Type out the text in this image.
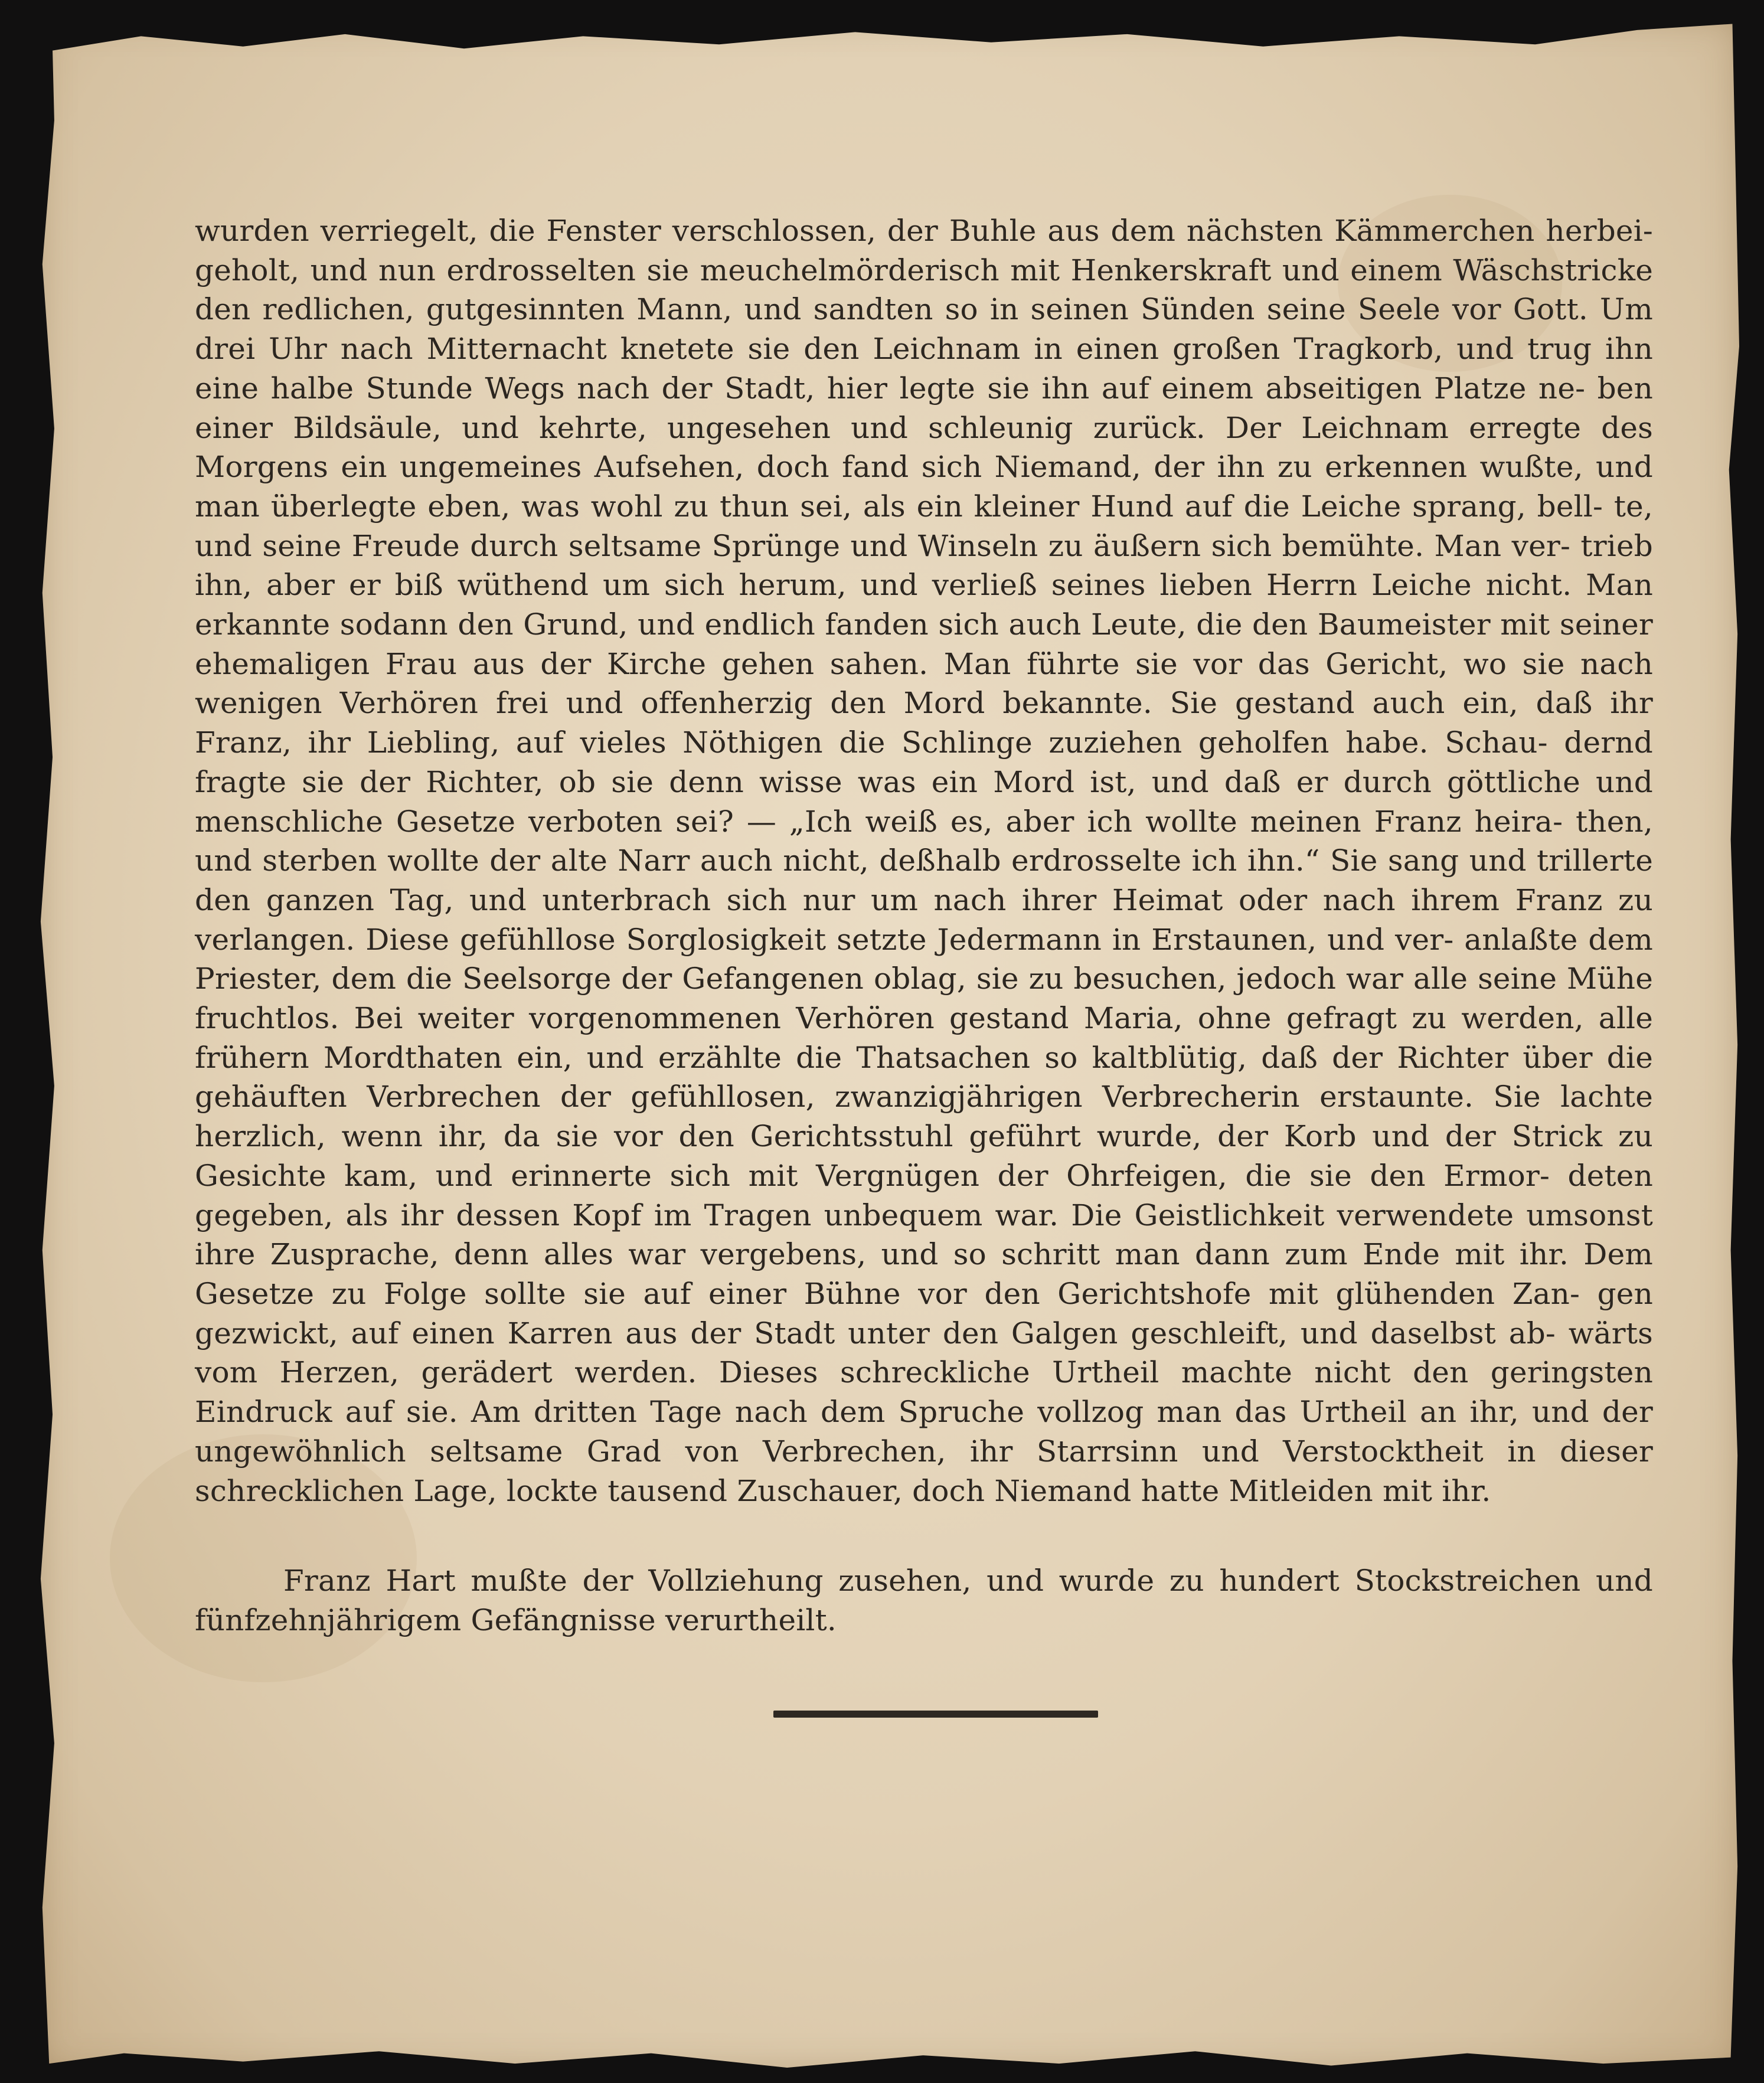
wurden verriegelt, die Fenster verschlossen, der Buhle aus dem nächsten Kämmerchen herbei- geholt, und nun erdrosselten sie meuchelmörderisch mit Henkerskraft und einem Wäschstricke den redlichen, gutgesinnten Mann, und sandten so in seinen Sünden seine Seele vor Gott. Um drei Uhr nach Mitternacht knetete sie den Leichnam in einen großen Tragkorb, und trug ihn eine halbe Stunde Wegs nach der Stadt, hier legte sie ihn auf einem abseitigen Platze ne- ben einer Bildsäule, und kehrte, ungesehen und schleunig zurück. Der Leichnam erregte des Morgens ein ungemeines Aufsehen, doch fand sich Niemand, der ihn zu erkennen wußte, und man überlegte eben, was wohl zu thun sei, als ein kleiner Hund auf die Leiche sprang, bell- te, und seine Freude durch seltsame Sprünge und Winseln zu äußern sich bemühte. Man ver- trieb ihn, aber er biß wüthend um sich herum, und verließ seines lieben Herrn Leiche nicht. Man erkannte sodann den Grund, und endlich fanden sich auch Leute, die den Baumeister mit seiner ehemaligen Frau aus der Kirche gehen sahen. Man führte sie vor das Gericht, wo sie nach wenigen Verhören frei und offenherzig den Mord bekannte. Sie gestand auch ein, daß ihr Franz, ihr Liebling, auf vieles Nöthigen die Schlinge zuziehen geholfen habe. Schau- dernd fragte sie der Richter, ob sie denn wisse was ein Mord ist, und daß er durch göttliche und menschliche Gesetze verboten sei? — „Ich weiß es, aber ich wollte meinen Franz heira- then, und sterben wollte der alte Narr auch nicht, deßhalb erdrosselte ich ihn.“ Sie sang und trillerte den ganzen Tag, und unterbrach sich nur um nach ihrer Heimat oder nach ihrem Franz zu verlangen. Diese gefühllose Sorglosigkeit setzte Jedermann in Erstaunen, und ver- anlaßte dem Priester, dem die Seelsorge der Gefangenen oblag, sie zu besuchen, jedoch war alle seine Mühe fruchtlos. Bei weiter vorgenommenen Verhören gestand Maria, ohne gefragt zu werden, alle frühern Mordthaten ein, und erzählte die Thatsachen so kaltblütig, daß der Richter über die gehäuften Verbrechen der gefühllosen, zwanzigjährigen Verbrecherin erstaunte. Sie lachte herzlich, wenn ihr, da sie vor den Gerichtsstuhl geführt wurde, der Korb und der Strick zu Gesichte kam, und erinnerte sich mit Vergnügen der Ohrfeigen, die sie den Ermor- deten gegeben, als ihr dessen Kopf im Tragen unbequem war. Die Geistlichkeit verwendete umsonst ihre Zusprache, denn alles war vergebens, und so schritt man dann zum Ende mit ihr. Dem Gesetze zu Folge sollte sie auf einer Bühne vor den Gerichtshofe mit glühenden Zan- gen gezwickt, auf einen Karren aus der Stadt unter den Galgen geschleift, und daselbst ab- wärts vom Herzen, gerädert werden. Dieses schreckliche Urtheil machte nicht den geringsten Eindruck auf sie. Am dritten Tage nach dem Spruche vollzog man das Urtheil an ihr, und der ungewöhnlich seltsame Grad von Verbrechen, ihr Starrsinn und Verstocktheit in dieser schrecklichen Lage, lockte tausend Zuschauer, doch Niemand hatte Mitleiden mit ihr.

Franz Hart mußte der Vollziehung zusehen, und wurde zu hundert Stockstreichen und fünfzehnjährigem Gefängnisse verurtheilt.
